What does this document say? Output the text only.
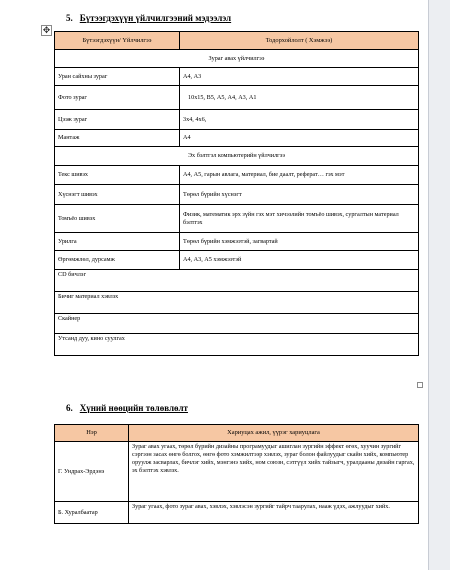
5. Бүтээгдэхүүн үйлчилгээний мэдээлэл
✥
Бүтээгдэхүүн/ Үйлчилгээ	Тодорхойлолт ( Хэмжээ)
Зураг авах үйлчилгээ	
Уран сайхны зураг	А4, А3
Фото зураг	10х15, В5, А5, А4, А3, А1
Цээж зураг	3х4, 4х6,
Мантаж	А4
Эх бэлтгэл компьютерийн үйлчилгээ	
Текс шивэх	А4, А5, гарын авлага, материал, бие даалт, реферат… гэх мэт
Хүснэгт шивэх	Төрөл бүрийн хүснэгт
Томъёо шивэх	Физик, математик эрх зүйн гэх мэт хичээлийн томъёо шивэх, сургалтын материал бэлтгэх
Урилга	Төрөл бүрийн хэмжээтэй, загвартай
Өргөмжлөл, дурсамж	А4, А3, А5 хэмжээтэй
CD бичлэг	
Бичиг материал хэвлэх	
Скайнер	
Утсанд дуу, кино суулгах	
6. Хүний нөөцийн төлөвлөлт
Нэр	Хариуцах ажил, үүрэг хариуцлага
Г. Ундрах-Эрдэнэ	Зураг авах угаах, төрөл бүрийн дизайны програмуудыг ашиглан зургийн эффект өгөх, хуучин зургийг сэргээн засах өнгө болгох, өнгө фото хэмжилтээр хэвлэх, зураг болон файлуудыг скайн хийх, компьютер оруулж засварлах, бичлэг хийх, мэнгэнэ хийх, ном союзн, сэтгүүл хийх тайзыгч, уралдааны дизайн гаргах, эх бэлтгэх хэвлэх.
Б. Хуралбаатар	Зураг угаах, фото зураг авах, хэвлэх, хэвлэсэн зургийг тайрч таарулах, нааж үдэх, ажлуудыг хийх.
